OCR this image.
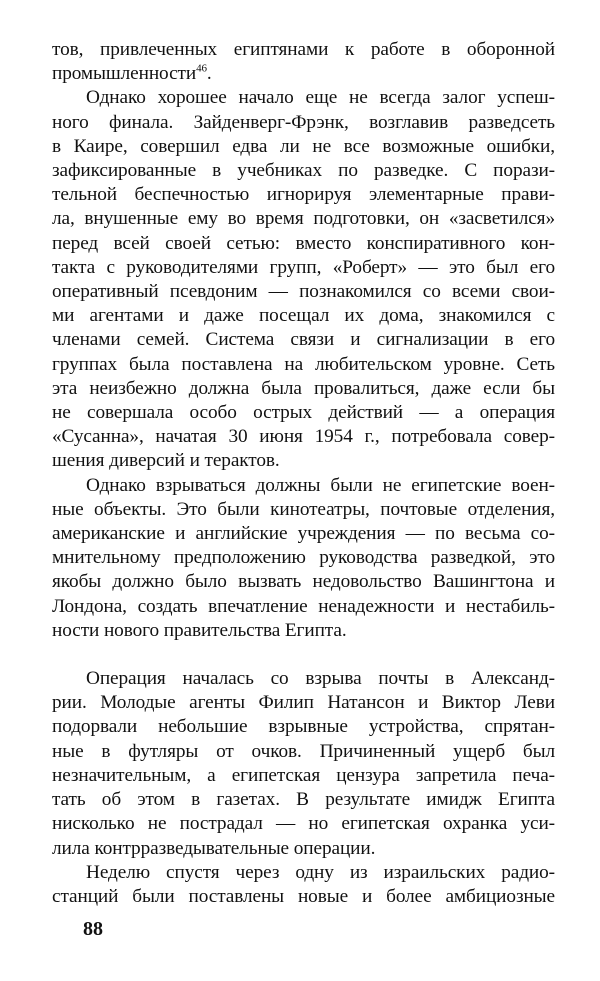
тов, привлеченных египтянами к работе в оборонной
промышленности$^{46}$.

Однако хорошее начало еще не всегда залог успеш-
ного финала. Зайденверг-Фрэнк, возглавив разведсеть
в Каире, совершил едва ли не все возможные ошибки,
зафиксированные в учебниках по разведке. С порази-
тельной беспечностью игнорируя элементарные прави-
ла, внушенные ему во время подготовки, он «засветился»
перед всей своей сетью: вместо конспиративного кон-
такта с руководителями групп, «Роберт» — это был его
оперативный псевдоним — познакомился со всеми свои-
ми агентами и даже посещал их дома, знакомился с
членами семей. Система связи и сигнализации в его
группах была поставлена на любительском уровне. Сеть
эта неизбежно должна была провалиться, даже если бы
не совершала особо острых действий — а операция
«Сусанна», начатая 30 июня 1954 г., потребовала совер-
шения диверсий и терактов.

Однако взрываться должны были не египетские воен-
ные объекты. Это были кинотеатры, почтовые отделения,
американские и английские учреждения — по весьма со-
мнительному предположению руководства разведкой, это
якобы должно было вызвать недовольство Вашингтона и
Лондона, создать впечатление ненадежности и нестабиль-
ности нового правительства Египта.

Операция началась со взрыва почты в Александ-
рии. Молодые агенты Филип Натансон и Виктор Леви
подорвали небольшие взрывные устройства, спрятан-
ные в футляры от очков. Причиненный ущерб был
незначительным, а египетская цензура запретила печа-
тать об этом в газетах. В результате имидж Египта
нисколько не пострадал — но египетская охранка уси-
лила контрразведывательные операции.

Неделю спустя через одну из израильских радио-
станций были поставлены новые и более амбициозные

88
